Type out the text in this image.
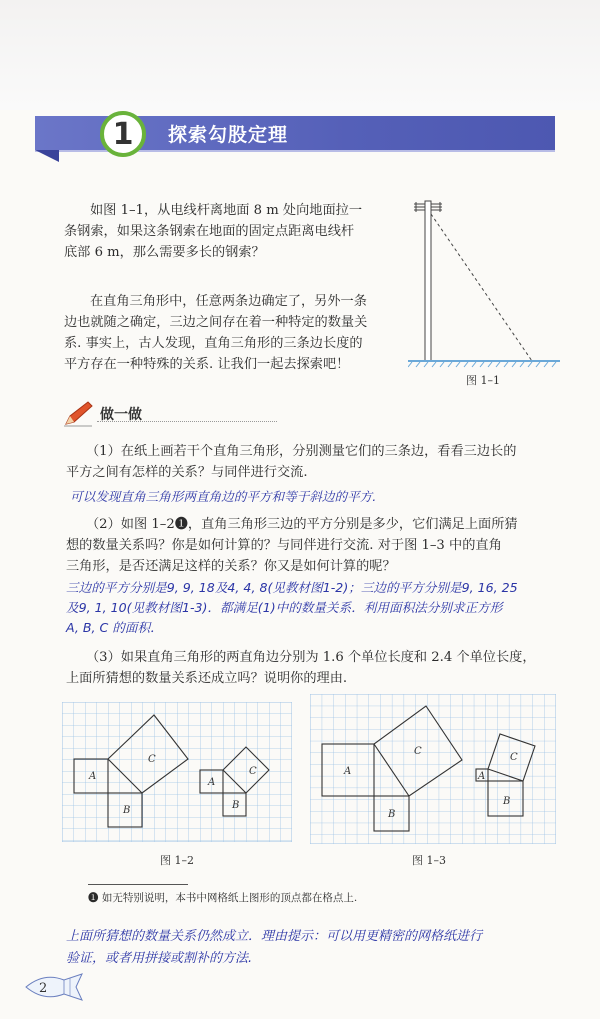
1	探索勾股定理

如图 1–1，从电线杆离地面 8 m 处向地面拉一

条钢索，如果这条钢索在地面的固定点距离电线杆

底部 6 m，那么需要多长的钢索？

在直角三角形中，任意两条边确定了，另外一条

边也就随之确定，三边之间存在着一种特定的数量关

系. 事实上，古人发现，直角三角形的三条边长度的

平方存在一种特殊的关系. 让我们一起去探索吧！

图 1–1
做一做

（1）在纸上画若干个直角三角形，分别测量它们的三条边，看看三边长的

平方之间有怎样的关系？与同伴进行交流.

可以发现直角三角形两直角边的平方和等于斜边的平方.

（2）如图 1–2❶，直角三角形三边的平方分别是多少，它们满足上面所猜

想的数量关系吗？你是如何计算的？与同伴进行交流. 对于图 1–3 中的直角

三角形，是否还满足这样的关系？你又是如何计算的呢？

三边的平方分别是9, 9, 18及4, 4, 8(见教材图1-2)；三边的平方分别是9, 16, 25
及9, 1, 10(见教材图1-3)．都满足(1)中的数量关系．利用面积法分别求正方形
A, B, C 的面积．

（3）如果直角三角形的两直角边分别为 1.6 个单位长度和 2.4 个单位长度，

上面所猜想的数量关系还成立吗？说明你的理由.

A
B
C
A
B
C
图 1–2
A
B
C
A
B
C
图 1–3
❶ 如无特别说明，本书中网格纸上图形的顶点都在格点上.
上面所猜想的数量关系仍然成立．理由提示：可以用更精密的网格纸进行
验证，或者用拼接或割补的方法.
2
